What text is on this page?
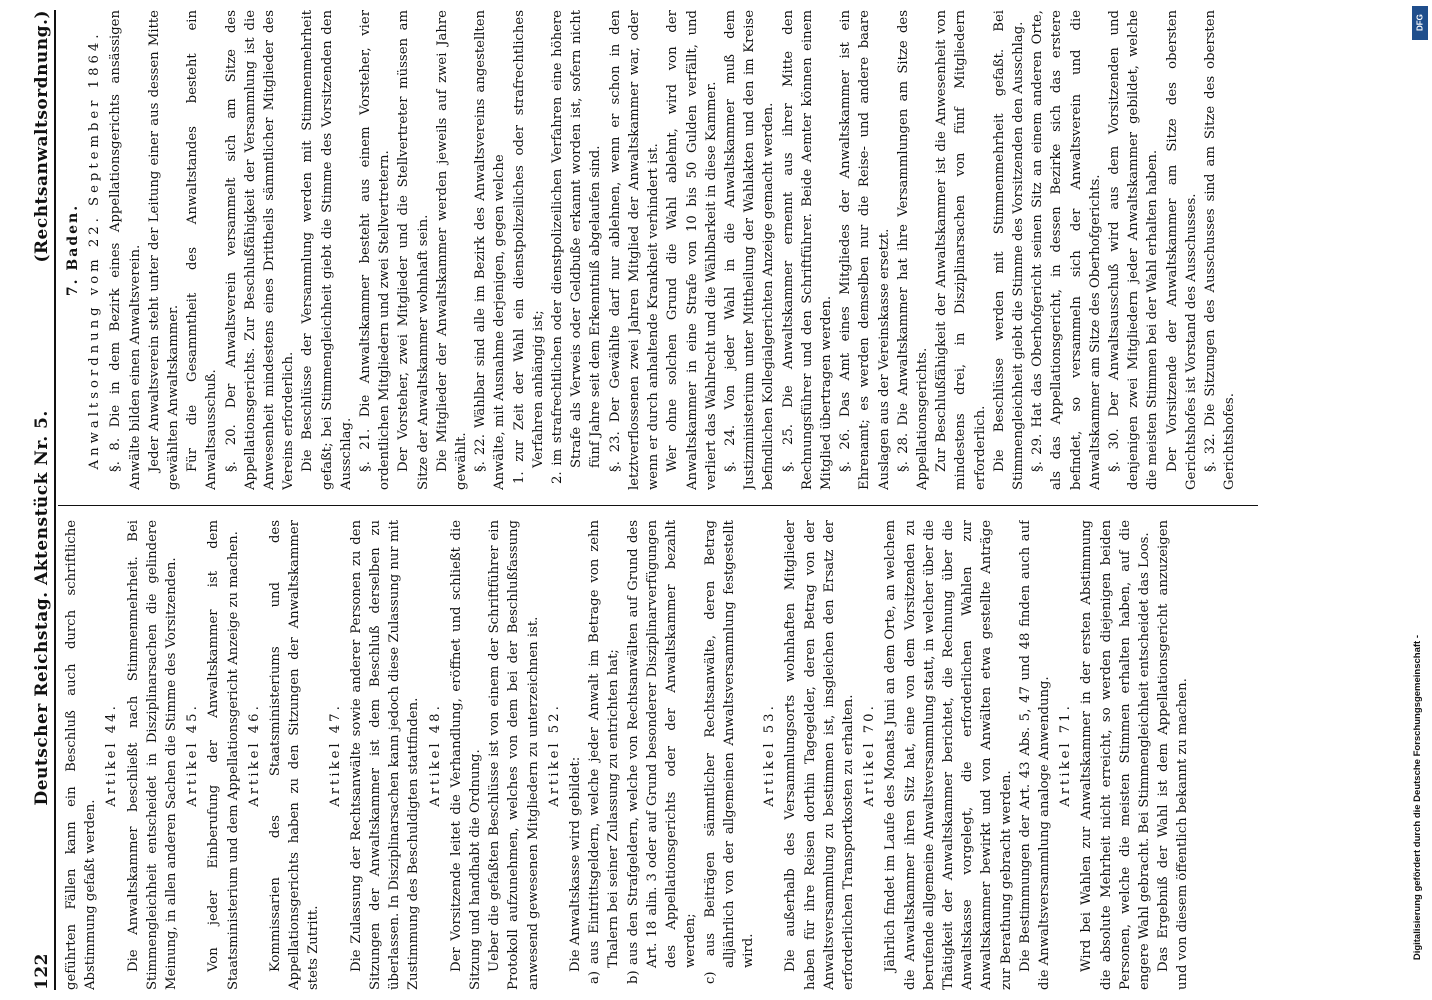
122
Deutscher Reichstag. Aktenstück Nr. 5.
(Rechtsanwaltsordnung.)
geführten Fällen kann ein Beschluß auch durch schriftliche Abstimmung gefaßt werden.
Artikel 44. Die Anwaltskammer beschließt nach Stimmenmehrheit. Bei Stimmengleichheit entscheidet in Disziplinarsachen die gelindere Meinung, in allen anderen Sachen die Stimme des Vorsitzenden. Artikel 45. Von jeder Einberufung der Anwaltskammer ist dem Staatsministerium und dem Appellationsgericht Anzeige zu machen. Artikel 46. Kommissarien des Staatsministeriums und des Appellationsgerichts haben zu den Sitzungen der Anwaltskammer stets Zutritt.
Artikel 47. Die Zulassung der Rechtsanwälte sowie anderer Personen zu den Sitzungen der Anwaltskammer ist dem Beschluß derselben zu überlassen. In Disziplinarsachen kann jedoch diese Zulassung nur mit Zustimmung des Beschuldigten stattfinden. Artikel 48. Der Vorsitzende leitet die Verhandlung, eröffnet und schließt die Sitzung und handhabt die Ordnung. Ueber die gefaßten Beschlüsse ist von einem der Schriftführer ein Protokoll aufzunehmen, welches von dem bei der Beschlußfassung anwesend gewesenen Mitgliedern zu unterzeichnen ist. Artikel 52.
Die Anwaltskasse wird gebildet: a) aus Eintrittsgeldern, welche jeder Anwalt im Betrage von zehn Thalern bei seiner Zulassung zu entrichten hat; b) aus den Strafgeldern, welche von Rechtsanwälten auf Grund des Art. 18 alin. 3 oder auf Grund besonderer Disziplinarverfügungen des Appellationsgerichts oder der Anwaltskammer bezahlt werden; c) aus Beiträgen sämmtlicher Rechtsanwälte, deren Betrag alljährlich von der allgemeinen Anwaltsversammlung festgestellt wird.
Artikel 53. Die außerhalb des Versammlungsorts wohnhaften Mitglieder haben für ihre Reisen dorthin Tagegelder, deren Betrag von der Anwaltsversammlung zu bestimmen ist, insgleichen den Ersatz der erforderlichen Transportkosten zu erhalten. Artikel 70. Jährlich findet im Laufe des Monats Juni an dem Orte, an welchem die Anwaltskammer ihren Sitz hat, eine von dem Vorsitzenden zu berufende allgemeine Anwaltsversammlung statt, in welcher über die Thätigkeit der Anwaltskammer berichtet, die Rechnung über die Anwaltskasse vorgelegt, die erforderlichen Wahlen zur Anwaltskammer bewirkt und von Anwälten etwa gestellte Anträge zur Berathung gebracht werden. Die Bestimmungen der Art. 43 Abs. 5, 47 und 48 finden auch auf die Anwaltsversammlung analoge Anwendung. Artikel 71. Wird bei Wahlen zur Anwaltskammer in der ersten Abstimmung die absolute Mehrheit nicht erreicht, so werden diejenigen beiden Personen, welche die meisten Stimmen erhalten haben, auf die engere Wahl gebracht. Bei Stimmengleichheit entscheidet das Loos. Das Ergebniß der Wahl ist dem Appellationsgericht anzuzeigen und von diesem öffentlich bekannt zu machen.
7. Baden. Anwaltsordnung vom 22. September 1864. §. 8. Die in dem Bezirk eines Appellationsgerichts ansässigen Anwälte bilden einen Anwaltsverein. Jeder Anwaltsverein steht unter der Leitung einer aus dessen Mitte gewählten Anwaltskammer. Für die Gesammtheit des Anwaltstandes besteht ein Anwaltsausschuß. §. 20. Der Anwaltsverein versammelt sich am Sitze des Appellationsgerichts. Zur Beschlußfähigkeit der Versammlung ist die Anwesenheit mindestens eines Drittheils sämmtlicher Mitglieder des Vereins erforderlich. Die Beschlüsse der Versammlung werden mit Stimmenmehrheit gefaßt; bei Stimmengleichheit giebt die Stimme des Vorsitzenden den Ausschlag. §. 21. Die Anwaltskammer besteht aus einem Vorsteher, vier ordentlichen Mitgliedern und zwei Stellvertretern. Der Vorsteher, zwei Mitglieder und die Stellvertreter müssen am Sitze der Anwaltskammer wohnhaft sein. Die Mitglieder der Anwaltskammer werden jeweils auf zwei Jahre gewählt. §. 22. Wählbar sind alle im Bezirk des Anwaltsvereins angestellten Anwälte, mit Ausnahme derjenigen, gegen welche 1. zur Zeit der Wahl ein dienstpolizeiliches oder strafrechtliches Verfahren anhängig ist; 2. im strafrechtlichen oder dienstpolizeilichen Verfahren eine höhere Strafe als Verweis oder Geldbuße erkannt worden ist, sofern nicht fünf Jahre seit dem Erkenntniß abgelaufen sind. §. 23. Der Gewählte darf nur ablehnen, wenn er schon in den letztverflossenen zwei Jahren Mitglied der Anwaltskammer war, oder wenn er durch anhaltende Krankheit verhindert ist. Wer ohne solchen Grund die Wahl ablehnt, wird von der Anwaltskammer in eine Strafe von 10 bis 50 Gulden verfällt, und verliert das Wahlrecht und die Wählbarkeit in diese Kammer. §. 24. Von jeder Wahl in die Anwaltskammer muß dem Justizministerium unter Mittheilung der Wahlakten und den im Kreise befindlichen Kollegialgerichten Anzeige gemacht werden. §. 25. Die Anwaltskammer ernennt aus ihrer Mitte den Rechnungsführer und den Schriftführer. Beide Aemter können einem Mitglied übertragen werden. §. 26. Das Amt eines Mitgliedes der Anwaltskammer ist ein Ehrenamt; es werden demselben nur die Reise- und andere baare Auslagen aus der Vereinskasse ersetzt. §. 28. Die Anwaltskammer hat ihre Versammlungen am Sitze des Appellationsgerichts. Zur Beschlußfähigkeit der Anwaltskammer ist die Anwesenheit von mindestens drei, in Disziplinarsachen von fünf Mitgliedern erforderlich. Die Beschlüsse werden mit Stimmenmehrheit gefaßt. Bei Stimmengleichheit giebt die Stimme des Vorsitzenden den Ausschlag. §. 29. Hat das Oberhofgericht seinen Sitz an einem anderen Orte, als das Appellationsgericht, in dessen Bezirke sich das erstere befindet, so versammeln sich der Anwaltsverein und die Anwaltskammer am Sitze des Oberhofgerichts. §. 30. Der Anwaltsausschuß wird aus dem Vorsitzenden und denjenigen zwei Mitgliedern jeder Anwaltskammer gebildet, welche die meisten Stimmen bei der Wahl erhalten haben. Der Vorsitzende der Anwaltskammer am Sitze des obersten Gerichtshofes ist Vorstand des Ausschusses. §. 32. Die Sitzungen des Ausschusses sind am Sitze des obersten Gerichtshofes.
Digitalisierung gefördert durch die Deutsche Forschungsgemeinschaft -
DFG
